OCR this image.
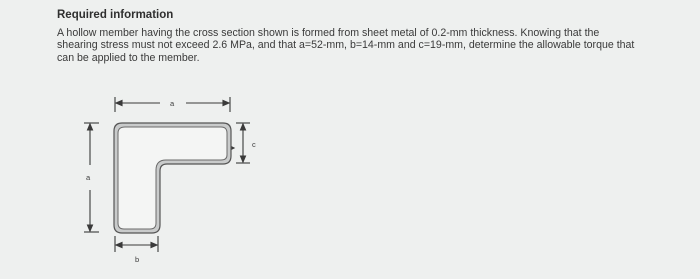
Required information
A hollow member having the cross section shown is formed from sheet metal of 0.2-mm thickness. Knowing that the
shearing stress must not exceed 2.6 MPa, and that a=52-mm, b=14-mm and c=19-mm, determine the allowable torque that
can be applied to the member.
a
a
c
b
